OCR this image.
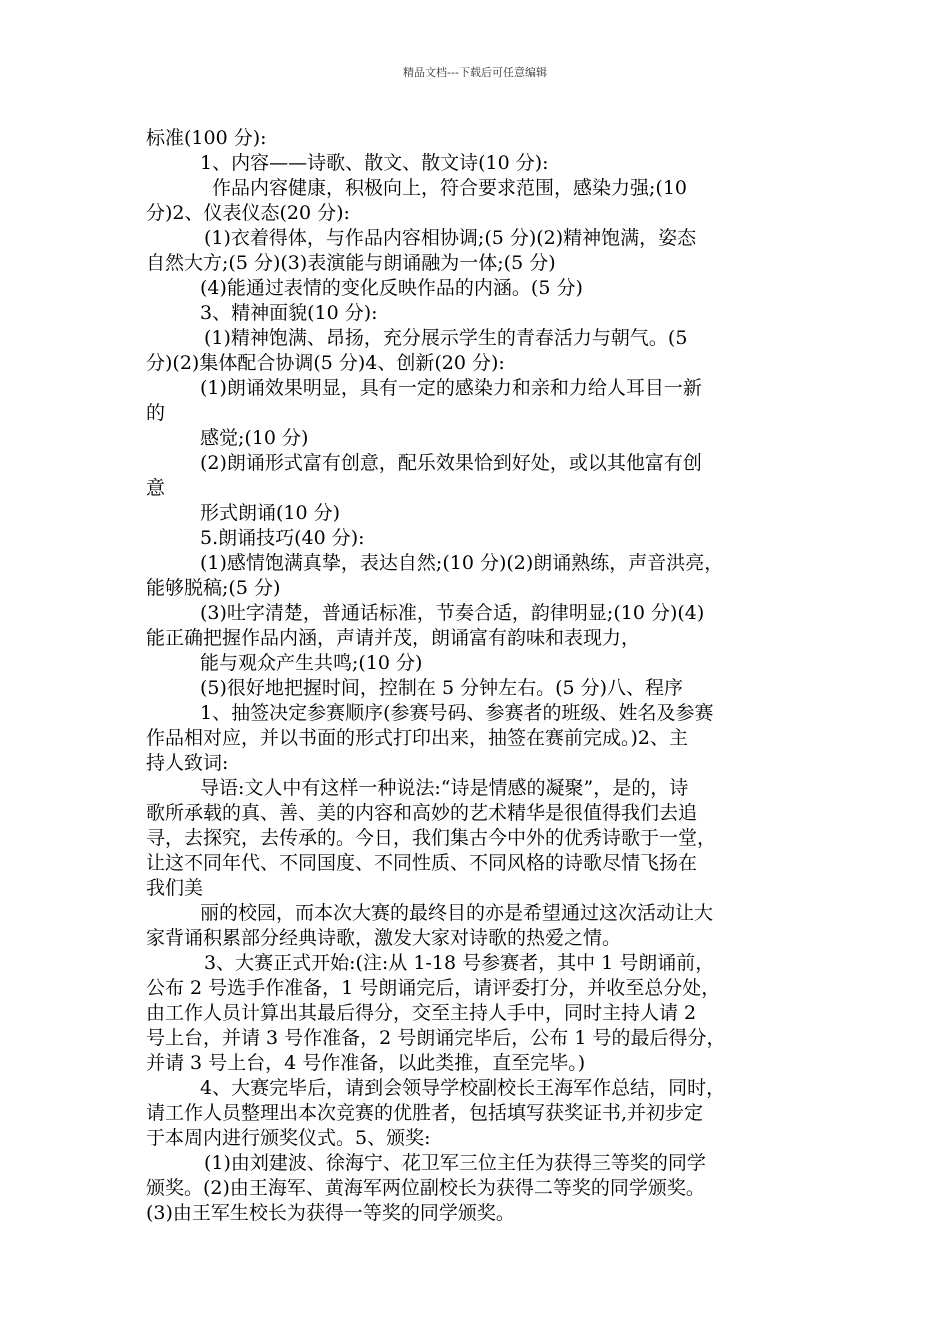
精品文档---下载后可任意编辑
标准(100 分):
1、内容——诗歌、散文、散文诗(10 分):
作品内容健康，积极向上，符合要求范围，感染力强;(10
分)2、仪表仪态(20 分):
(1)衣着得体，与作品内容相协调;(5 分)(2)精神饱满，姿态
自然大方;(5 分)(3)表演能与朗诵融为一体;(5 分)
(4)能通过表情的变化反映作品的内涵。(5 分)
3、精神面貌(10 分):
(1)精神饱满、昂扬，充分展示学生的青春活力与朝气。(5
分)(2)集体配合协调(5 分)4、创新(20 分):
(1)朗诵效果明显，具有一定的感染力和亲和力给人耳目一新
的
感觉;(10 分)
(2)朗诵形式富有创意，配乐效果恰到好处，或以其他富有创
意
形式朗诵(10 分)
5.朗诵技巧(40 分):
(1)感情饱满真挚，表达自然;(10 分)(2)朗诵熟练，声音洪亮，
能够脱稿;(5 分)
(3)吐字清楚，普通话标准，节奏合适，韵律明显;(10 分)(4)
能正确把握作品内涵，声请并茂，朗诵富有韵味和表现力，
能与观众产生共鸣;(10 分)
(5)很好地把握时间，控制在 5 分钟左右。(5 分)八、程序
1、抽签决定参赛顺序(参赛号码、参赛者的班级、姓名及参赛
作品相对应，并以书面的形式打印出来，抽签在赛前完成。)2、主
持人致词:
导语:文人中有这样一种说法:“诗是情感的凝聚”，是的，诗
歌所承载的真、善、美的内容和高妙的艺术精华是很值得我们去追
寻，去探究，去传承的。今日，我们集古今中外的优秀诗歌于一堂，
让这不同年代、不同国度、不同性质、不同风格的诗歌尽情飞扬在
我们美
丽的校园，而本次大赛的最终目的亦是希望通过这次活动让大
家背诵积累部分经典诗歌，激发大家对诗歌的热爱之情。
3、大赛正式开始:(注:从 1-18 号参赛者，其中 1 号朗诵前，
公布 2 号选手作准备，1 号朗诵完后，请评委打分，并收至总分处，
由工作人员计算出其最后得分，交至主持人手中，同时主持人请 2
号上台，并请 3 号作准备，2 号朗诵完毕后，公布 1 号的最后得分，
并请 3 号上台，4 号作准备，以此类推，直至完毕。)
4、大赛完毕后，请到会领导学校副校长王海军作总结，同时，
请工作人员整理出本次竞赛的优胜者，包括填写获奖证书,并初步定
于本周内进行颁奖仪式。5、颁奖:
(1)由刘建波、徐海宁、花卫军三位主任为获得三等奖的同学
颁奖。(2)由王海军、黄海军两位副校长为获得二等奖的同学颁奖。
(3)由王军生校长为获得一等奖的同学颁奖。
